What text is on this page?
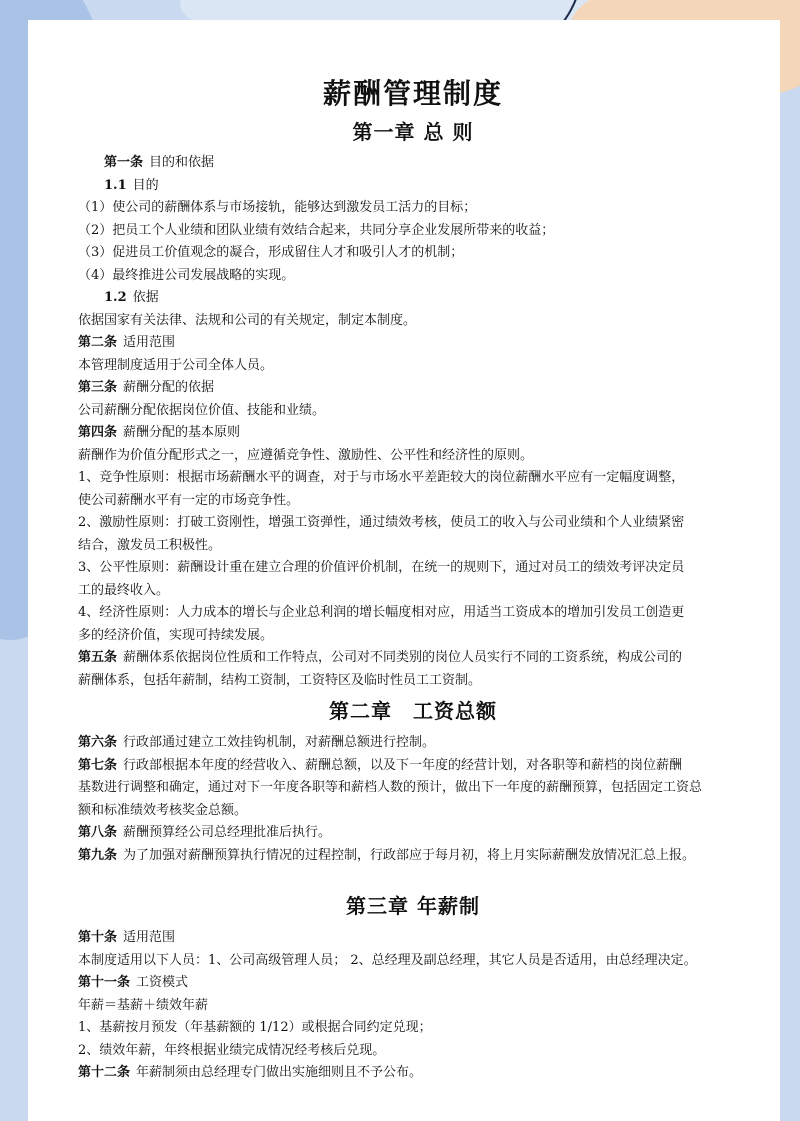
薪酬管理制度
第一章 总 则
第一条 目的和依据
1.1 目的
（1）使公司的薪酬体系与市场接轨，能够达到激发员工活力的目标；
（2）把员工个人业绩和团队业绩有效结合起来，共同分享企业发展所带来的收益；
（3）促进员工价值观念的凝合，形成留住人才和吸引人才的机制；
（4）最终推进公司发展战略的实现。
1.2 依据
依据国家有关法律、法规和公司的有关规定，制定本制度。
第二条 适用范围
本管理制度适用于公司全体人员。
第三条 薪酬分配的依据
公司薪酬分配依据岗位价值、技能和业绩。
第四条 薪酬分配的基本原则
薪酬作为价值分配形式之一，应遵循竞争性、激励性、公平性和经济性的原则。
1、竞争性原则：根据市场薪酬水平的调查，对于与市场水平差距较大的岗位薪酬水平应有一定幅度调整，
使公司薪酬水平有一定的市场竞争性。
2、激励性原则：打破工资刚性，增强工资弹性，通过绩效考核，使员工的收入与公司业绩和个人业绩紧密
结合，激发员工积极性。
3、公平性原则：薪酬设计重在建立合理的价值评价机制，在统一的规则下，通过对员工的绩效考评决定员
工的最终收入。
4、经济性原则：人力成本的增长与企业总利润的增长幅度相对应，用适当工资成本的增加引发员工创造更
多的经济价值，实现可持续发展。
第五条 薪酬体系依据岗位性质和工作特点，公司对不同类别的岗位人员实行不同的工资系统，构成公司的
薪酬体系，包括年薪制，结构工资制，工资特区及临时性员工工资制。
第二章　工资总额
第六条 行政部通过建立工效挂钩机制，对薪酬总额进行控制。
第七条 行政部根据本年度的经营收入、薪酬总额，以及下一年度的经营计划，对各职等和薪档的岗位薪酬
基数进行调整和确定，通过对下一年度各职等和薪档人数的预计，做出下一年度的薪酬预算，包括固定工资总
额和标准绩效考核奖金总额。
第八条 薪酬预算经公司总经理批准后执行。
第九条 为了加强对薪酬预算执行情况的过程控制，行政部应于每月初，将上月实际薪酬发放情况汇总上报。
第三章 年薪制
第十条 适用范围
本制度适用以下人员：1、公司高级管理人员； 2、总经理及副总经理，其它人员是否适用，由总经理决定。
第十一条 工资模式
年薪＝基薪＋绩效年薪
1、基薪按月预发（年基薪额的 1/12）或根据合同约定兑现；
2、绩效年薪，年终根据业绩完成情况经考核后兑现。
第十二条 年薪制须由总经理专门做出实施细则且不予公布。
